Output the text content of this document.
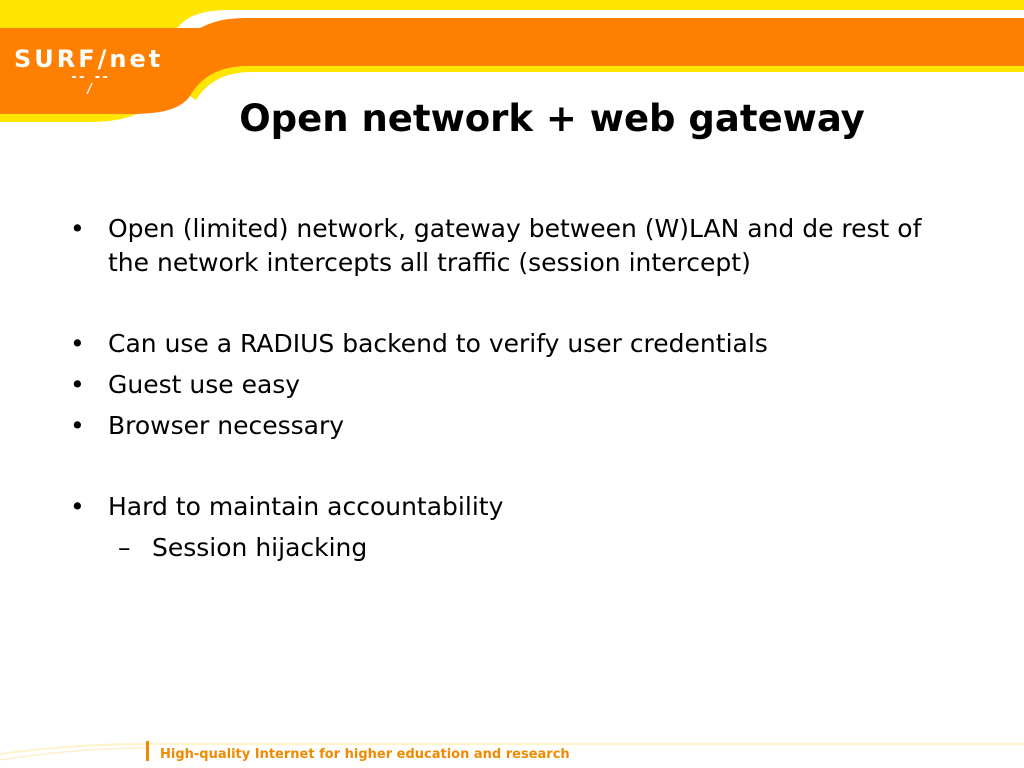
SURF/net
-- --
/
Open network + web gateway

• Open (limited) network, gateway between (W)LAN and de rest of the network intercepts all traffic (session intercept)

• Can use a RADIUS backend to verify user credentials

• Guest use easy

• Browser necessary

• Hard to maintain accountability

– Session hijacking

High-quality Internet for higher education and research
